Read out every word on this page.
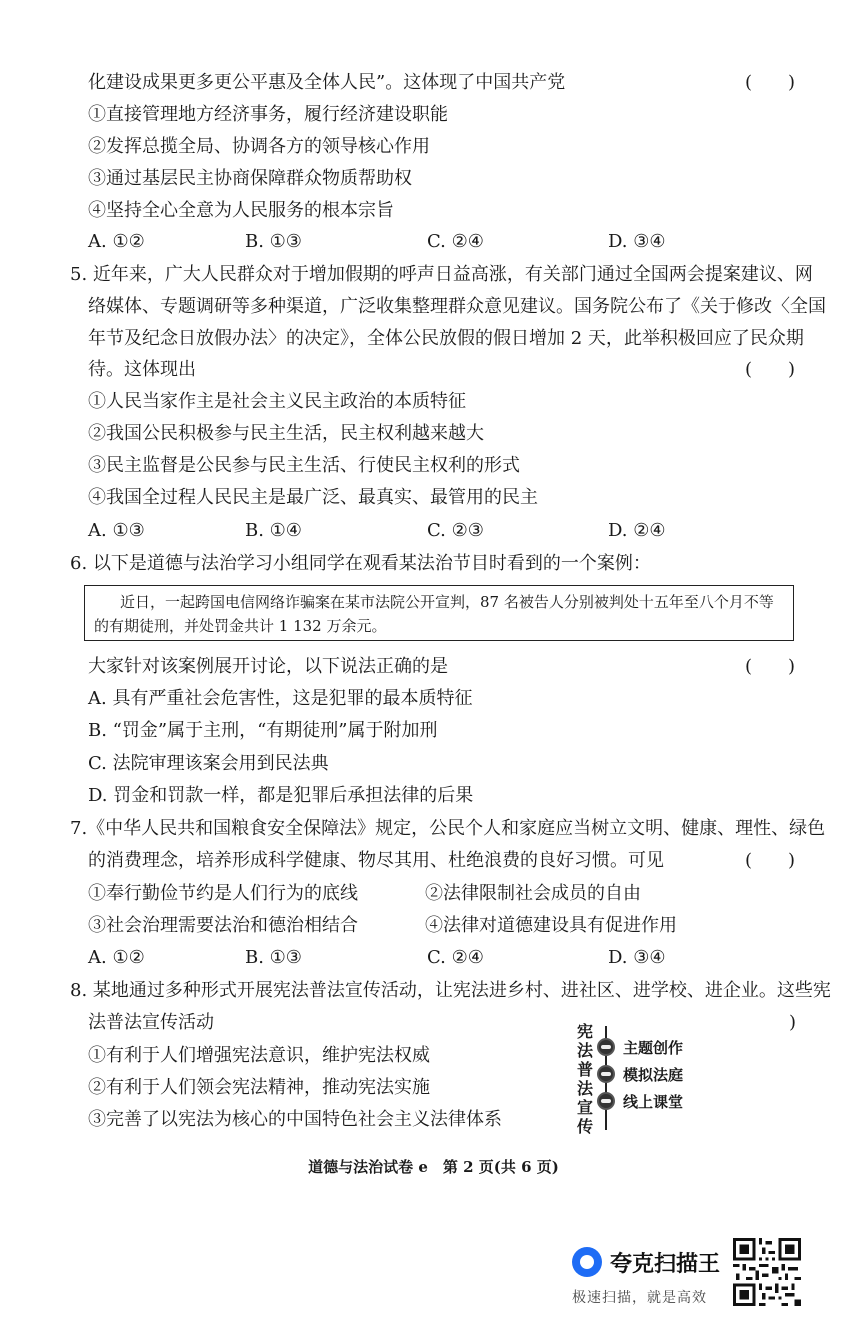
化建设成果更多更公平惠及全体人民”。这体现了中国共产党	(　　)
①直接管理地方经济事务，履行经济建设职能
②发挥总揽全局、协调各方的领导核心作用
③通过基层民主协商保障群众物质帮助权
④坚持全心全意为人民服务的根本宗旨
A. ①②	B. ①③	C. ②④	D. ③④
5. 近年来，广大人民群众对于增加假期的呼声日益高涨，有关部门通过全国两会提案建议、网
络媒体、专题调研等多种渠道，广泛收集整理群众意见建议。国务院公布了《关于修改〈全国
年节及纪念日放假办法〉的决定》，全体公民放假的假日增加 2 天，此举积极回应了民众期
待。这体现出	(　　)
①人民当家作主是社会主义民主政治的本质特征
②我国公民积极参与民主生活，民主权利越来越大
③民主监督是公民参与民主生活、行使民主权利的形式
④我国全过程人民民主是最广泛、最真实、最管用的民主
A. ①③	B. ①④	C. ②③	D. ②④
6. 以下是道德与法治学习小组同学在观看某法治节目时看到的一个案例：
近日，一起跨国电信网络诈骗案在某市法院公开宣判，87 名被告人分别被判处十五年至八个月不等
的有期徒刑，并处罚金共计 1 132 万余元。
大家针对该案例展开讨论，以下说法正确的是	(　　)
A. 具有严重社会危害性，这是犯罪的最本质特征
B. “罚金”属于主刑，“有期徒刑”属于附加刑
C. 法院审理该案会用到民法典
D. 罚金和罚款一样，都是犯罪后承担法律的后果
7.《中华人民共和国粮食安全保障法》规定，公民个人和家庭应当树立文明、健康、理性、绿色
的消费理念，培养形成科学健康、物尽其用、杜绝浪费的良好习惯。可见	(　　)
①奉行勤俭节约是人们行为的底线	②法律限制社会成员的自由
③社会治理需要法治和德治相结合	④法律对道德建设具有促进作用
A. ①②	B. ①③	C. ②④	D. ③④
8. 某地通过多种形式开展宪法普法宣传活动，让宪法进乡村、进社区、进学校、进企业。这些宪
法普法宣传活动	)
①有利于人们增强宪法意识，维护宪法权威
②有利于人们领会宪法精神，推动宪法实施
③完善了以宪法为核心的中国特色社会主义法律体系
宪
法
普
法
宣
传
主题创作
模拟法庭
线上课堂
道德与法治试卷 e　第 2 页(共 6 页)
夸克扫描王
极速扫描，就是高效
